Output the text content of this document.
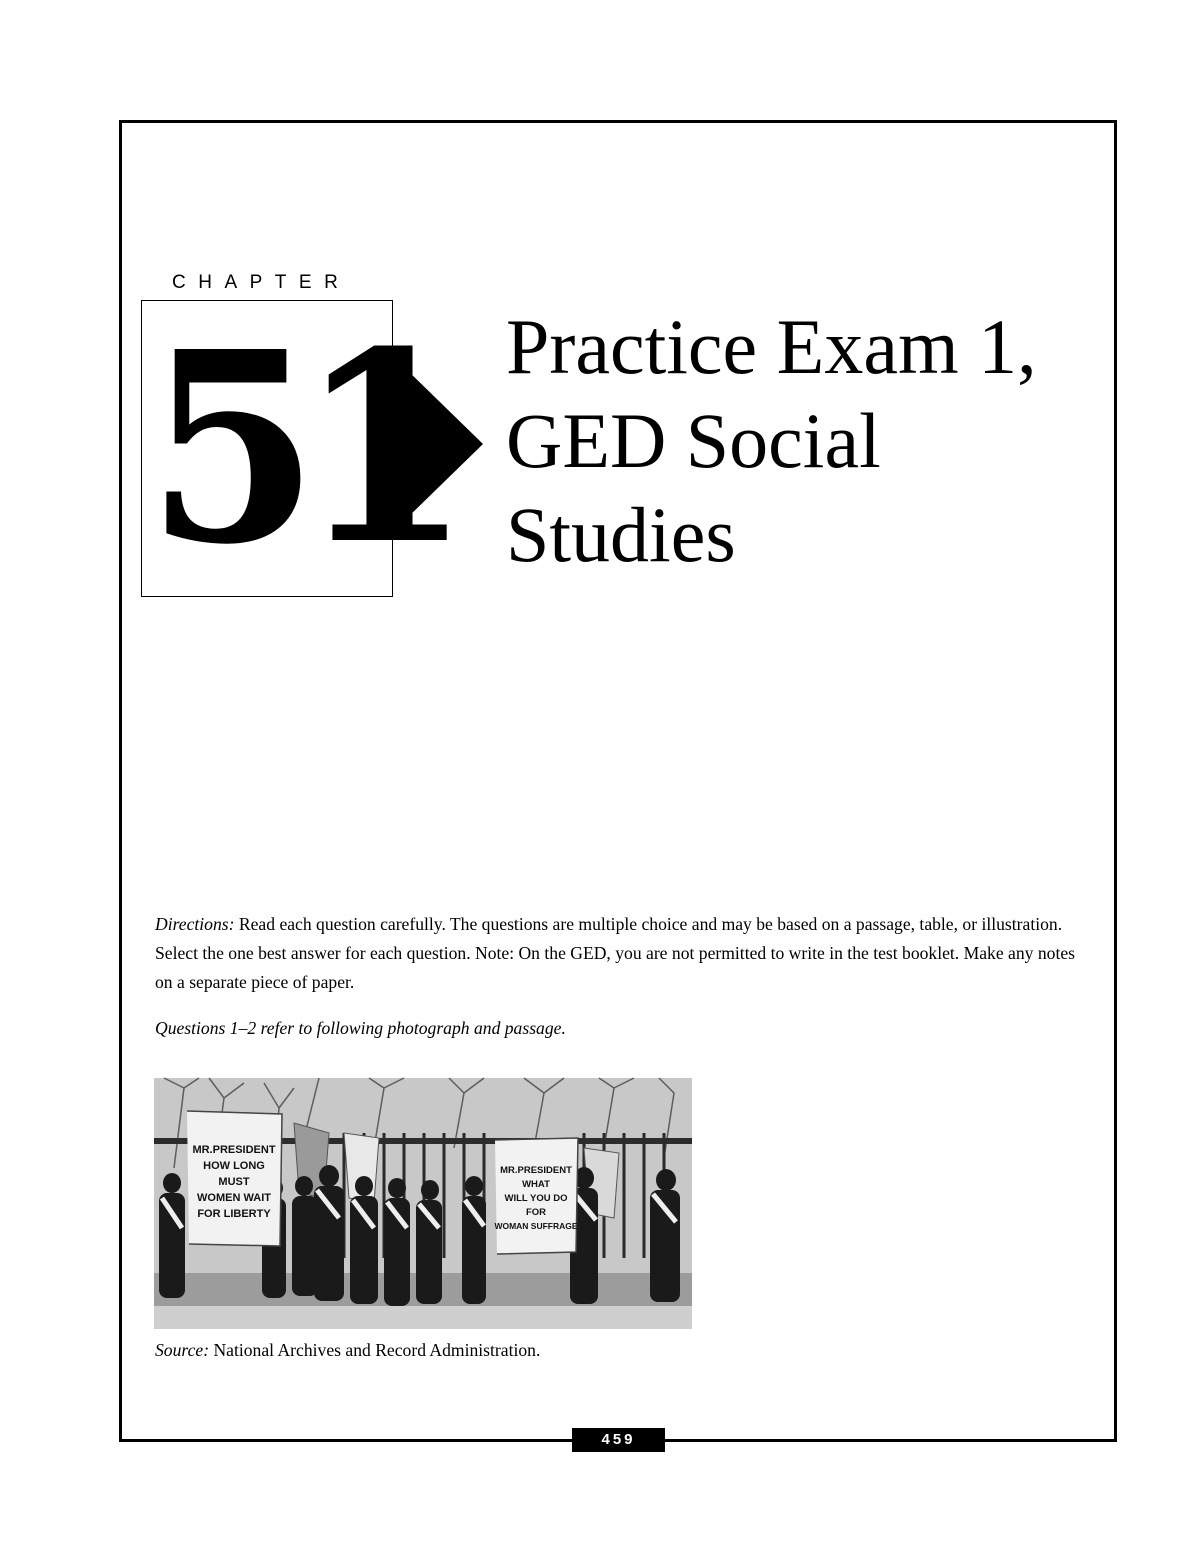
CHAPTER
51 Practice Exam 1,
GED Social
Studies

Directions: Read each question carefully. The questions are multiple choice and may be based on a passage, table, or illustration. Select the one best answer for each question. Note: On the GED, you are not permitted to write in the test booklet. Make any notes on a separate piece of paper.

Questions 1–2 refer to following photograph and passage.

MR.PRESIDENT
HOW LONG
MUST
WOMEN WAIT
FOR LIBERTY
MR.PRESIDENT
WHAT
WILL YOU DO
FOR
WOMAN SUFFRAGE

Source: National Archives and Record Administration.

459
